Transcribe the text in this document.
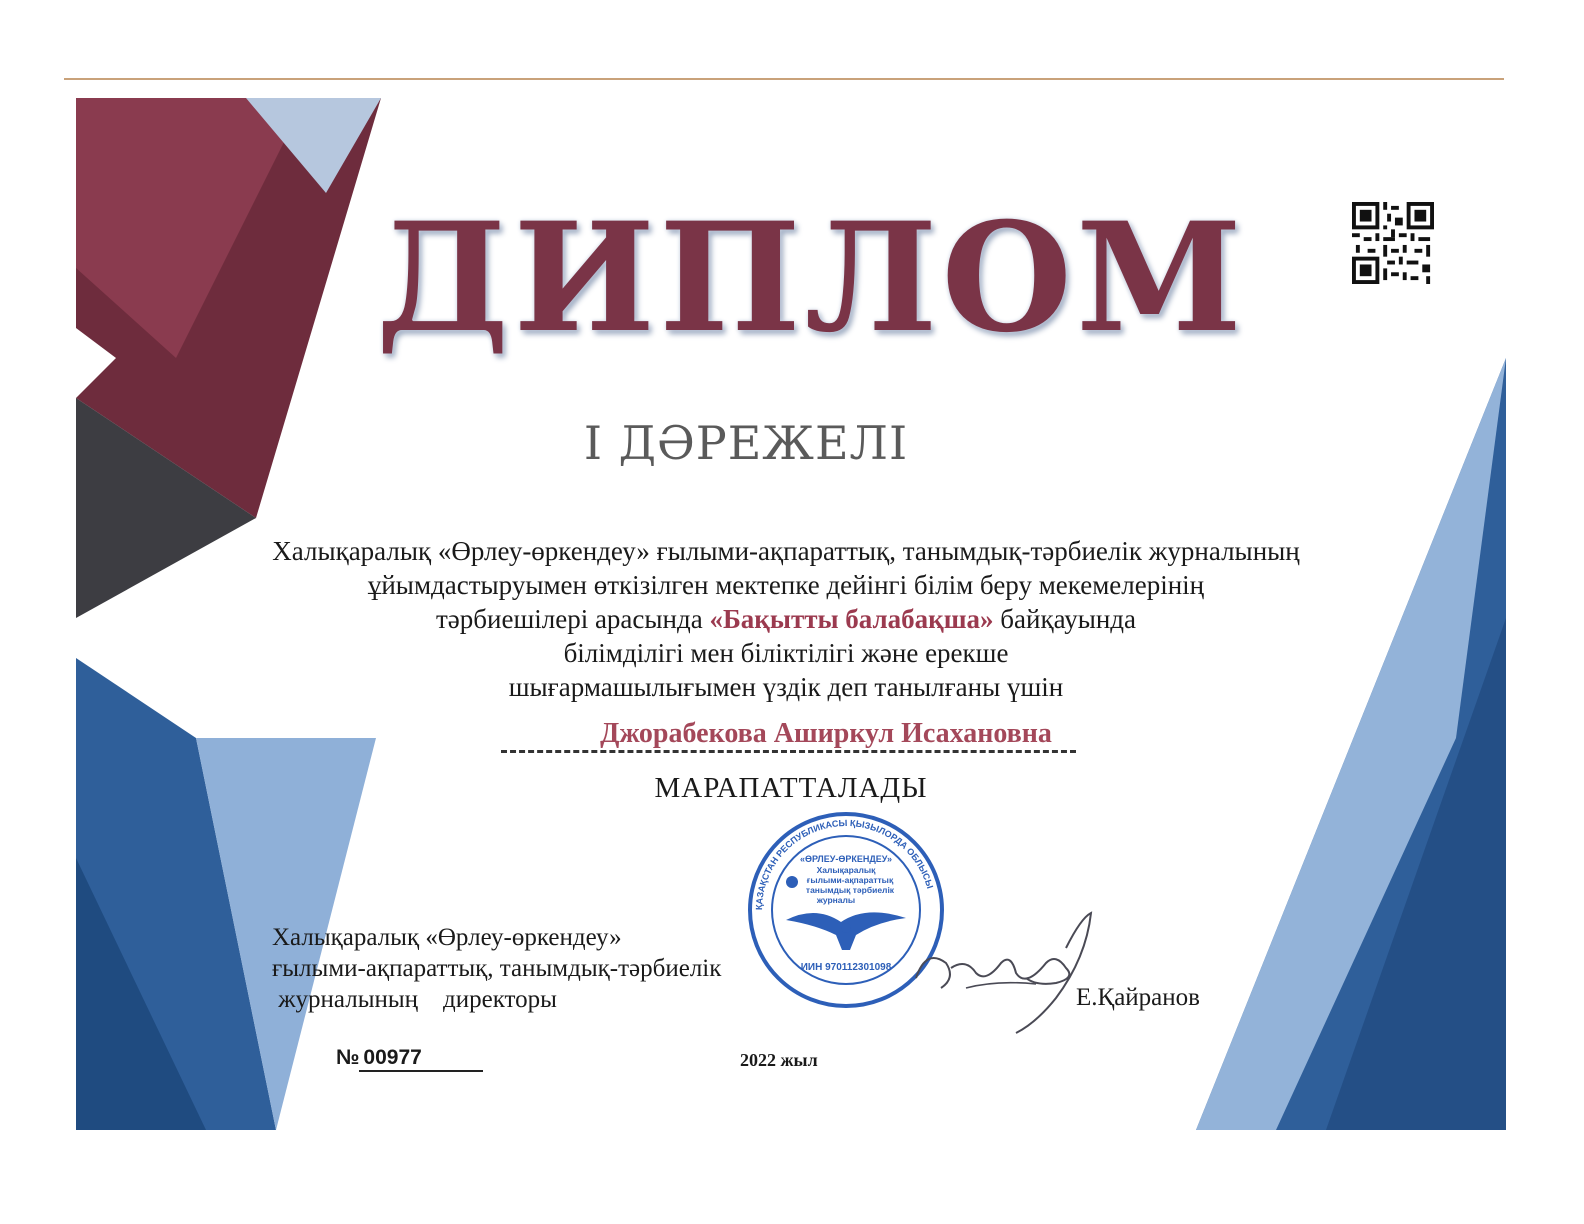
ДИПЛОМ
І ДӘРЕЖЕЛІ
Халықаралық «Өрлеу-өркендеу» ғылыми-ақпараттық, танымдық-тәрбиелік журналының
ұйымдастыруымен өткізілген мектепке дейінгі білім беру мекемелерінің
тәрбиешілері арасында «Бақытты балабақша» байқауында
білімділігі мен біліктілігі және ерекше
шығармашылығымен үздік деп танылғаны үшін
Джорабекова Аширкул Исахановна
МАРАПАТТАЛАДЫ
Халықаралық «Өрлеу-өркендеу»
ғылыми-ақпараттық, танымдық-тәрбиелік
журналының    директоры	Е.Қайранов
№ 00977	2022 жыл
ҚАЗАҚСТАН РЕСПУБЛИКАСЫ ҚЫЗЫЛОРДА ОБЛЫСЫ
«ӨРЛЕУ-ӨРКЕНДЕУ»
Халықаралық
ғылыми-ақпараттық
танымдық тәрбиелік
журналы
ИИН 970112301098
